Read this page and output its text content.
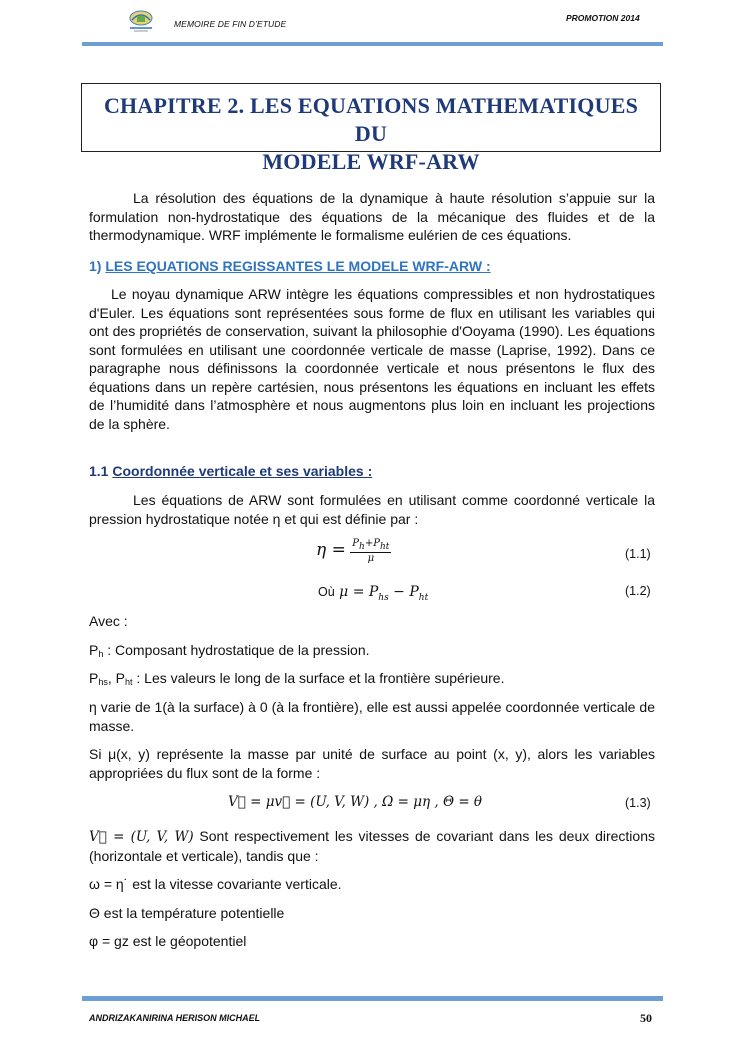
MEMOIRE DE FIN D’ETUDE
PROMOTION 2014
CHAPITRE 2. LES EQUATIONS MATHEMATIQUES DU
MODELE WRF-ARW

La résolution des équations de la dynamique à haute résolution s’appuie sur la formulation non-hydrostatique des équations de la mécanique des fluides et de la thermodynamique. WRF implémente le formalisme eulérien de ces équations.

1) LES EQUATIONS REGISSANTES LE MODELE WRF-ARW :

Le noyau dynamique ARW intègre les équations compressibles et non hydrostatiques d'Euler. Les équations sont représentées sous forme de flux en utilisant les variables qui ont des propriétés de conservation, suivant la philosophie d'Ooyama (1990). Les équations sont formulées en utilisant une coordonnée verticale de masse (Laprise, 1992). Dans ce paragraphe nous définissons la coordonnée verticale et nous présentons le flux des équations dans un repère cartésien, nous présentons les équations en incluant les effets de l’humidité dans l’atmosphère et nous augmentons plus loin en incluant les projections de la sphère.

1.1 Coordonnée verticale et ses variables :

Les équations de ARW sont formulées en utilisant comme coordonné verticale la pression hydrostatique notée η et qui est définie par :

$\eta = \frac{P_h+P_{ht}}{\mu}$	(1.1)
Où $\mu = P_{hs} - P_{ht}$	(1.2)

Avec :

Ph : Composant hydrostatique de la pression.

Phs, Pht : Les valeurs le long de la surface et la frontière supérieure.

η varie de 1(à la surface) à 0 (à la frontière), elle est aussi appelée coordonnée verticale de masse.

Si μ(x, y) représente la masse par unité de surface au point (x, y), alors les variables appropriées du flux sont de la forme :

V⃗ = μv⃗ = (U, V, W) , Ω = μη , Θ = θ	(1.3)

V⃗ = (U, V, W) Sont respectivement les vitesses de covariant dans les deux directions (horizontale et verticale), tandis que :

ω = η˙ est la vitesse covariante verticale.

Θ est la température potentielle

φ = gz est le géopotentiel

ANDRIZAKANIRINA HERISON MICHAEL	50
